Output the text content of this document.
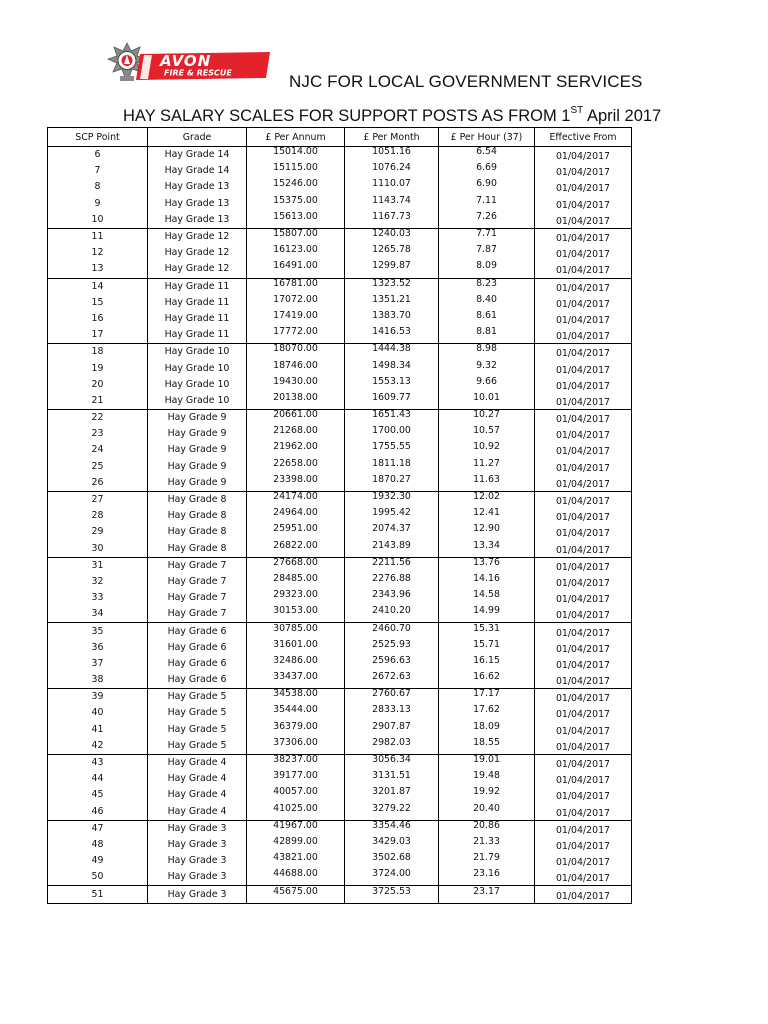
AVON
FIRE & RESCUE	NJC FOR LOCAL GOVERNMENT SERVICES
HAY SALARY SCALES FOR SUPPORT POSTS AS FROM 1ST April 2017
SCP Point	Grade	£ Per Annum	£ Per Month	£ Per Hour (37)	Effective From

6	Hay Grade 14	15014.00	1051.16	6.54	01/04/2017

7	Hay Grade 14	15115.00	1076.24	6.69	01/04/2017

8	Hay Grade 13	15246.00	1110.07	6.90	01/04/2017

9	Hay Grade 13	15375.00	1143.74	7.11	01/04/2017

10	Hay Grade 13	15613.00	1167.73	7.26	01/04/2017

11	Hay Grade 12	15807.00	1240.03	7.71	01/04/2017

12	Hay Grade 12	16123.00	1265.78	7.87	01/04/2017

13	Hay Grade 12	16491.00	1299.87	8.09	01/04/2017

14	Hay Grade 11	16781.00	1323.52	8.23	01/04/2017

15	Hay Grade 11	17072.00	1351.21	8.40	01/04/2017

16	Hay Grade 11	17419.00	1383.70	8.61	01/04/2017

17	Hay Grade 11	17772.00	1416.53	8.81	01/04/2017

18	Hay Grade 10	18070.00	1444.38	8.98	01/04/2017

19	Hay Grade 10	18746.00	1498.34	9.32	01/04/2017

20	Hay Grade 10	19430.00	1553.13	9.66	01/04/2017

21	Hay Grade 10	20138.00	1609.77	10.01	01/04/2017

22	Hay Grade 9	20661.00	1651.43	10.27	01/04/2017

23	Hay Grade 9	21268.00	1700.00	10.57	01/04/2017

24	Hay Grade 9	21962.00	1755.55	10.92	01/04/2017

25	Hay Grade 9	22658.00	1811.18	11.27	01/04/2017

26	Hay Grade 9	23398.00	1870.27	11.63	01/04/2017

27	Hay Grade 8	24174.00	1932.30	12.02	01/04/2017

28	Hay Grade 8	24964.00	1995.42	12.41	01/04/2017

29	Hay Grade 8	25951.00	2074.37	12.90	01/04/2017

30	Hay Grade 8	26822.00	2143.89	13.34	01/04/2017

31	Hay Grade 7	27668.00	2211.56	13.76	01/04/2017

32	Hay Grade 7	28485.00	2276.88	14.16	01/04/2017

33	Hay Grade 7	29323.00	2343.96	14.58	01/04/2017

34	Hay Grade 7	30153.00	2410.20	14.99	01/04/2017

35	Hay Grade 6	30785.00	2460.70	15.31	01/04/2017

36	Hay Grade 6	31601.00	2525.93	15.71	01/04/2017

37	Hay Grade 6	32486.00	2596.63	16.15	01/04/2017

38	Hay Grade 6	33437.00	2672.63	16.62	01/04/2017

39	Hay Grade 5	34538.00	2760.67	17.17	01/04/2017

40	Hay Grade 5	35444.00	2833.13	17.62	01/04/2017

41	Hay Grade 5	36379.00	2907.87	18.09	01/04/2017

42	Hay Grade 5	37306.00	2982.03	18.55	01/04/2017

43	Hay Grade 4	38237.00	3056.34	19.01	01/04/2017

44	Hay Grade 4	39177.00	3131.51	19.48	01/04/2017

45	Hay Grade 4	40057.00	3201.87	19.92	01/04/2017

46	Hay Grade 4	41025.00	3279.22	20.40	01/04/2017

47	Hay Grade 3	41967.00	3354.46	20.86	01/04/2017

48	Hay Grade 3	42899.00	3429.03	21.33	01/04/2017

49	Hay Grade 3	43821.00	3502.68	21.79	01/04/2017

50	Hay Grade 3	44688.00	3724.00	23.16	01/04/2017

51	Hay Grade 3	45675.00	3725.53	23.17	01/04/2017
